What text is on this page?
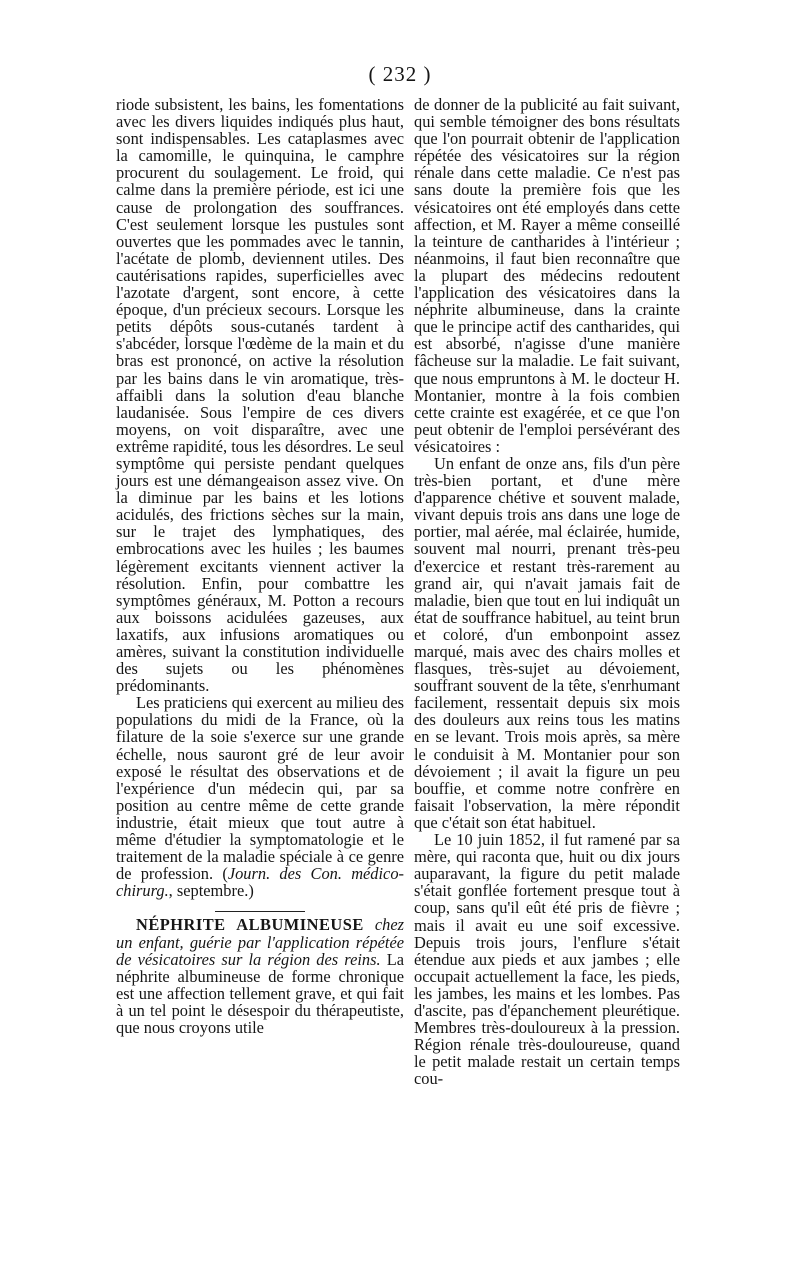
( 232 )

riode subsistent, les bains, les fomentations avec les divers liquides indiqués plus haut, sont indispensables. Les cataplasmes avec la camomille, le quinquina, le camphre procurent du soulagement. Le froid, qui calme dans la première période, est ici une cause de prolongation des souffrances. C'est seulement lorsque les pustules sont ouvertes que les pommades avec le tannin, l'acétate de plomb, deviennent utiles. Des cautérisations rapides, superficielles avec l'azotate d'argent, sont encore, à cette époque, d'un précieux secours. Lorsque les petits dépôts sous-cutanés tardent à s'abcéder, lorsque l'œdème de la main et du bras est prononcé, on active la résolution par les bains dans le vin aromatique, très-affaibli dans la solution d'eau blanche laudanisée. Sous l'empire de ces divers moyens, on voit disparaître, avec une extrême rapidité, tous les désordres. Le seul symptôme qui persiste pendant quelques jours est une démangeaison assez vive. On la diminue par les bains et les lotions acidulés, des frictions sèches sur la main, sur le trajet des lymphatiques, des embrocations avec les huiles ; les baumes légèrement excitants viennent activer la résolution. Enfin, pour combattre les symptômes généraux, M. Potton a recours aux boissons acidulées gazeuses, aux laxatifs, aux infusions aromatiques ou amères, suivant la constitution individuelle des sujets ou les phénomènes prédominants.

Les praticiens qui exercent au milieu des populations du midi de la France, où la filature de la soie s'exerce sur une grande échelle, nous sauront gré de leur avoir exposé le résultat des observations et de l'expérience d'un médecin qui, par sa position au centre même de cette grande industrie, était mieux que tout autre à même d'étudier la symptomatologie et le traitement de la maladie spéciale à ce genre de profession. (Journ. des Con. médico-chirurg., septembre.)

NÉPHRITE ALBUMINEUSE chez un enfant, guérie par l'application répétée de vésicatoires sur la région des reins. La néphrite albumineuse de forme chronique est une affection tellement grave, et qui fait à un tel point le désespoir du thérapeutiste, que nous croyons utile

de donner de la publicité au fait suivant, qui semble témoigner des bons résultats que l'on pourrait obtenir de l'application répétée des vésicatoires sur la région rénale dans cette maladie. Ce n'est pas sans doute la première fois que les vésicatoires ont été employés dans cette affection, et M. Rayer a même conseillé la teinture de cantharides à l'intérieur ; néanmoins, il faut bien reconnaître que la plupart des médecins redoutent l'application des vésicatoires dans la néphrite albumineuse, dans la crainte que le principe actif des cantharides, qui est absorbé, n'agisse d'une manière fâcheuse sur la maladie. Le fait suivant, que nous empruntons à M. le docteur H. Montanier, montre à la fois combien cette crainte est exagérée, et ce que l'on peut obtenir de l'emploi persévérant des vésicatoires :

Un enfant de onze ans, fils d'un père très-bien portant, et d'une mère d'apparence chétive et souvent malade, vivant depuis trois ans dans une loge de portier, mal aérée, mal éclairée, humide, souvent mal nourri, prenant très-peu d'exercice et restant très-rarement au grand air, qui n'avait jamais fait de maladie, bien que tout en lui indiquât un état de souffrance habituel, au teint brun et coloré, d'un embonpoint assez marqué, mais avec des chairs molles et flasques, très-sujet au dévoiement, souffrant souvent de la tête, s'enrhumant facilement, ressentait depuis six mois des douleurs aux reins tous les matins en se levant. Trois mois après, sa mère le conduisit à M. Montanier pour son dévoiement ; il avait la figure un peu bouffie, et comme notre confrère en faisait l'observation, la mère répondit que c'était son état habituel.

Le 10 juin 1852, il fut ramené par sa mère, qui raconta que, huit ou dix jours auparavant, la figure du petit malade s'était gonflée fortement presque tout à coup, sans qu'il eût été pris de fièvre ; mais il avait eu une soif excessive. Depuis trois jours, l'enflure s'était étendue aux pieds et aux jambes ; elle occupait actuellement la face, les pieds, les jambes, les mains et les lombes. Pas d'ascite, pas d'épanchement pleurétique. Membres très-douloureux à la pression. Région rénale très-douloureuse, quand le petit malade restait un certain temps cou-
